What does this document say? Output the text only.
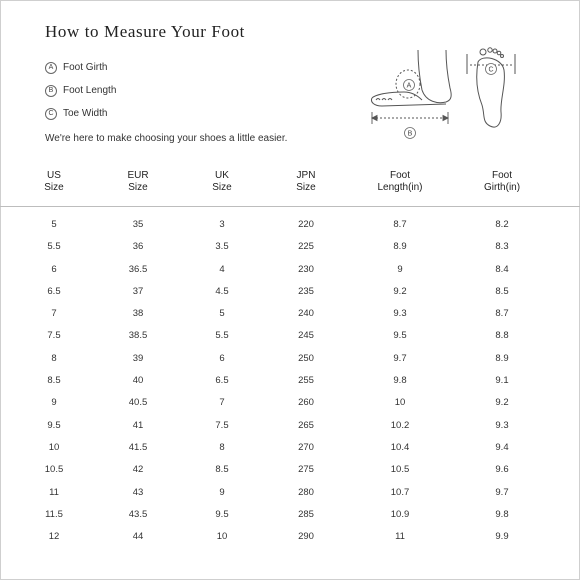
How to Measure Your Foot
A Foot Girth
B Foot Length
C Toe Width
We're here to make choosing your shoes a little easier.
A
B
C
US
Size
EUR
Size
UK
Size
JPN
Size
Foot
Length(in)
Foot
Girth(in)
5	35	3	220	8.7	8.2
5.5	36	3.5	225	8.9	8.3
6	36.5	4	230	9	8.4
6.5	37	4.5	235	9.2	8.5
7	38	5	240	9.3	8.7
7.5	38.5	5.5	245	9.5	8.8
8	39	6	250	9.7	8.9
8.5	40	6.5	255	9.8	9.1
9	40.5	7	260	10	9.2
9.5	41	7.5	265	10.2	9.3
10	41.5	8	270	10.4	9.4
10.5	42	8.5	275	10.5	9.6
11	43	9	280	10.7	9.7
11.5	43.5	9.5	285	10.9	9.8
12	44	10	290	11	9.9
